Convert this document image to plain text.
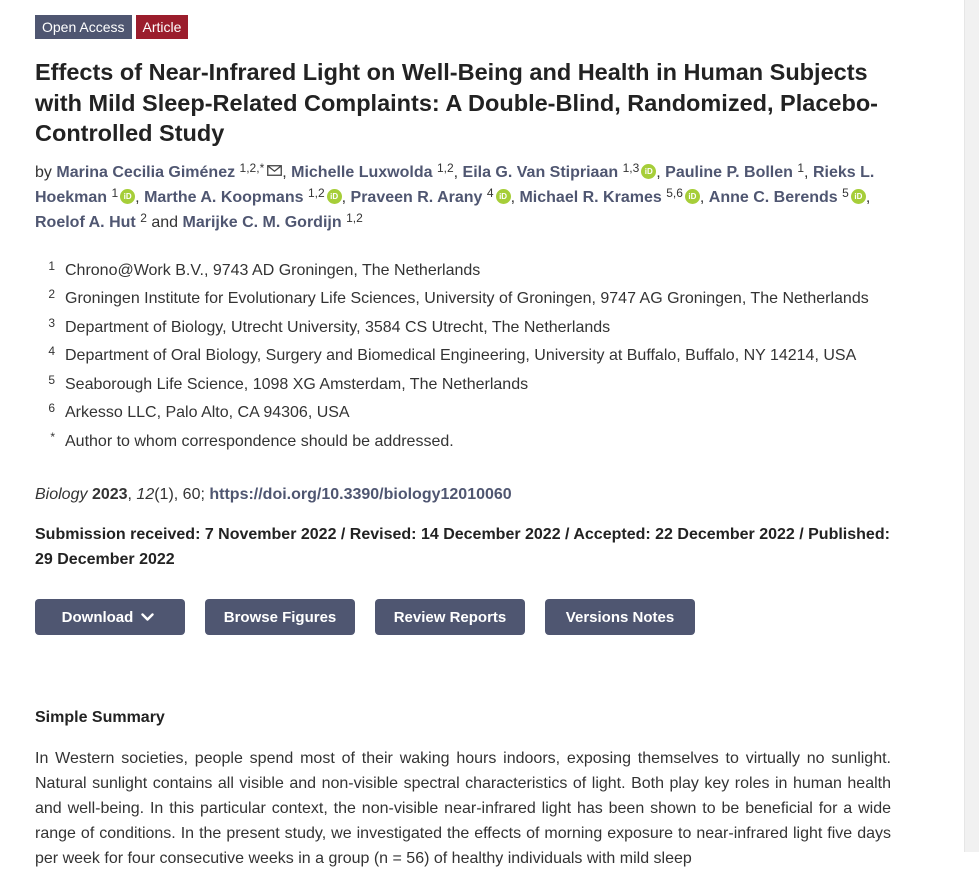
Open Access	Article
Effects of Near-Infrared Light on Well-Being and Health in Human Subjects with Mild Sleep-Related Complaints: A Double-Blind, Randomized, Placebo-Controlled Study
by Marina Cecilia Giménez $^{1,2,*}$ , Michelle Luxwolda $^{1,2}$, Eila G. Van Stipriaan $^{1,3}$ iD , Pauline P. Bollen $^1$, Rieks L. Hoekman $^1$ iD , Marthe A. Koopmans $^{1,2}$ iD , Praveen R. Arany $^4$ iD , Michael R. Krames $^{5,6}$ iD , Anne C. Berends $^5$ iD , Roelof A. Hut $^2$ and Marijke C. M. Gordijn $^{1,2}$
1 Chrono@Work B.V., 9743 AD Groningen, The Netherlands
2 Groningen Institute for Evolutionary Life Sciences, University of Groningen, 9747 AG Groningen, The Netherlands
3 Department of Biology, Utrecht University, 3584 CS Utrecht, The Netherlands
4 Department of Oral Biology, Surgery and Biomedical Engineering, University at Buffalo, Buffalo, NY 14214, USA
5 Seaborough Life Science, 1098 XG Amsterdam, The Netherlands
6 Arkesso LLC, Palo Alto, CA 94306, USA
* Author to whom correspondence should be addressed.
Biology 2023, 12(1), 60; https://doi.org/10.3390/biology12010060
Submission received: 7 November 2022 / Revised: 14 December 2022 / Accepted: 22 December 2022 / Published: 29 December 2022
Download	Browse Figures	Review Reports	Versions Notes
Simple Summary
In Western societies, people spend most of their waking hours indoors, exposing themselves to virtually no sunlight. Natural sunlight contains all visible and non-visible spectral characteristics of light. Both play key roles in human health and well-being. In this particular context, the non-visible near-infrared light has been shown to be beneficial for a wide range of conditions. In the present study, we investigated the effects of morning exposure to near-infrared light five days per week for four consecutive weeks in a group (n = 56) of healthy individuals with mild sleep
